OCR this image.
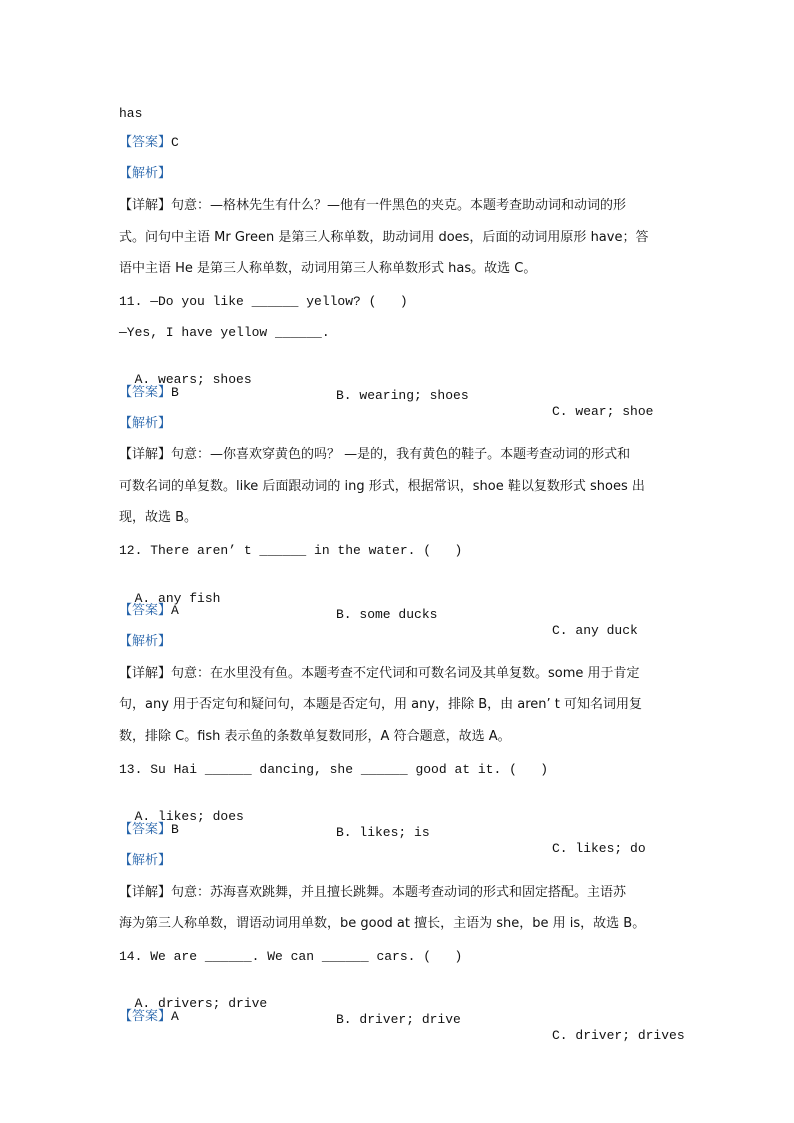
has
【答案】C
【解析】
【详解】句意：—格林先生有什么？—他有一件黑色的夹克。本题考查助动词和动词的形
式。问句中主语 Mr Green 是第三人称单数，助动词用 does，后面的动词用原形 have；答
语中主语 He 是第三人称单数，动词用第三人称单数形式 has。故选 C。
11. —Do you like ______ yellow? (   )
—Yes, I have yellow ______.

A. wears; shoes

B. wearing; shoes

C. wear; shoe

【答案】B
【解析】
【详解】句意：—你喜欢穿黄色的吗？ —是的，我有黄色的鞋子。本题考查动词的形式和
可数名词的单复数。like 后面跟动词的 ing 形式，根据常识，shoe 鞋以复数形式 shoes 出
现，故选 B。
12. There aren’ t ______ in the water. (   )

A. any fish

B. some ducks

C. any duck

【答案】A
【解析】
【详解】句意：在水里没有鱼。本题考查不定代词和可数名词及其单复数。some 用于肯定
句，any 用于否定句和疑问句，本题是否定句，用 any，排除 B，由 aren’ t 可知名词用复
数，排除 C。fish 表示鱼的条数单复数同形，A 符合题意，故选 A。
13. Su Hai ______ dancing, she ______ good at it. (   )

A. likes; does

B. likes; is

C. likes; do

【答案】B
【解析】
【详解】句意：苏海喜欢跳舞，并且擅长跳舞。本题考查动词的形式和固定搭配。主语苏
海为第三人称单数，谓语动词用单数，be good at 擅长，主语为 she，be 用 is，故选 B。
14. We are ______. We can ______ cars. (   )

A. drivers; drive

B. driver; drive

C. driver; drives

【答案】A
